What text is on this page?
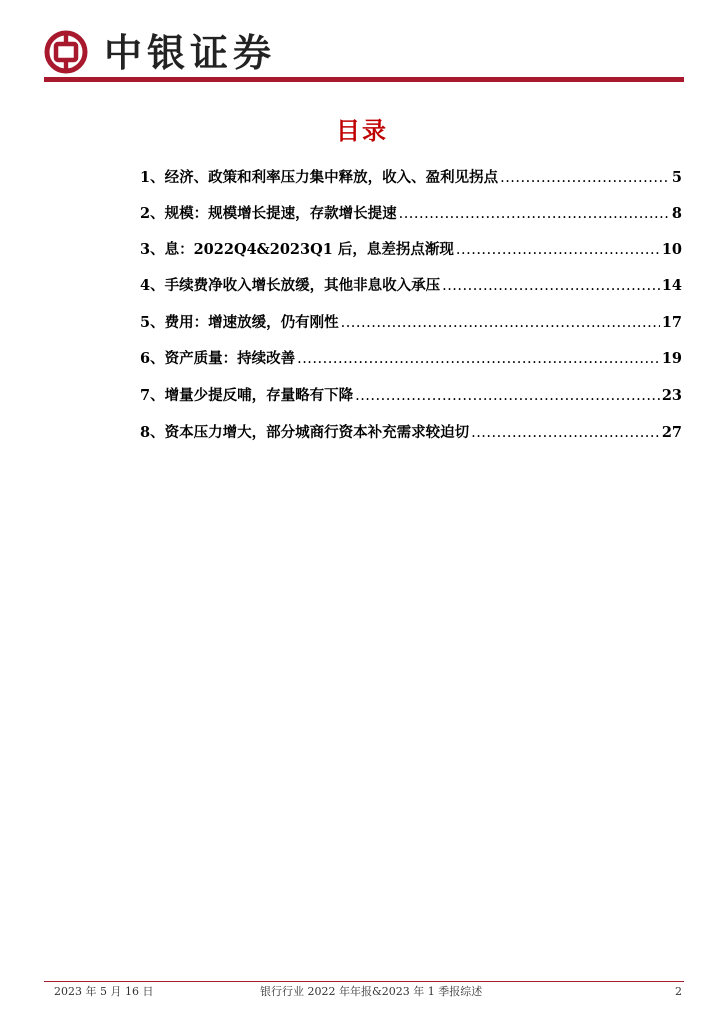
中银证券
目录
1、经济、政策和利率压力集中释放，收入、盈利见拐点 .....	5
2、规模：规模增长提速，存款增长提速 .....	8
3、息：2022Q4&2023Q1 后，息差拐点渐现 .....	10
4、手续费净收入增长放缓，其他非息收入承压 .....	14
5、费用：增速放缓，仍有刚性 .....	17
6、资产质量：持续改善 .....	19
7、增量少提反哺，存量略有下降 .....	23
8、资本压力增大，部分城商行资本补充需求较迫切 .....	27
2023 年 5 月 16 日	银行行业 2022 年年报&2023 年 1 季报综述	2
